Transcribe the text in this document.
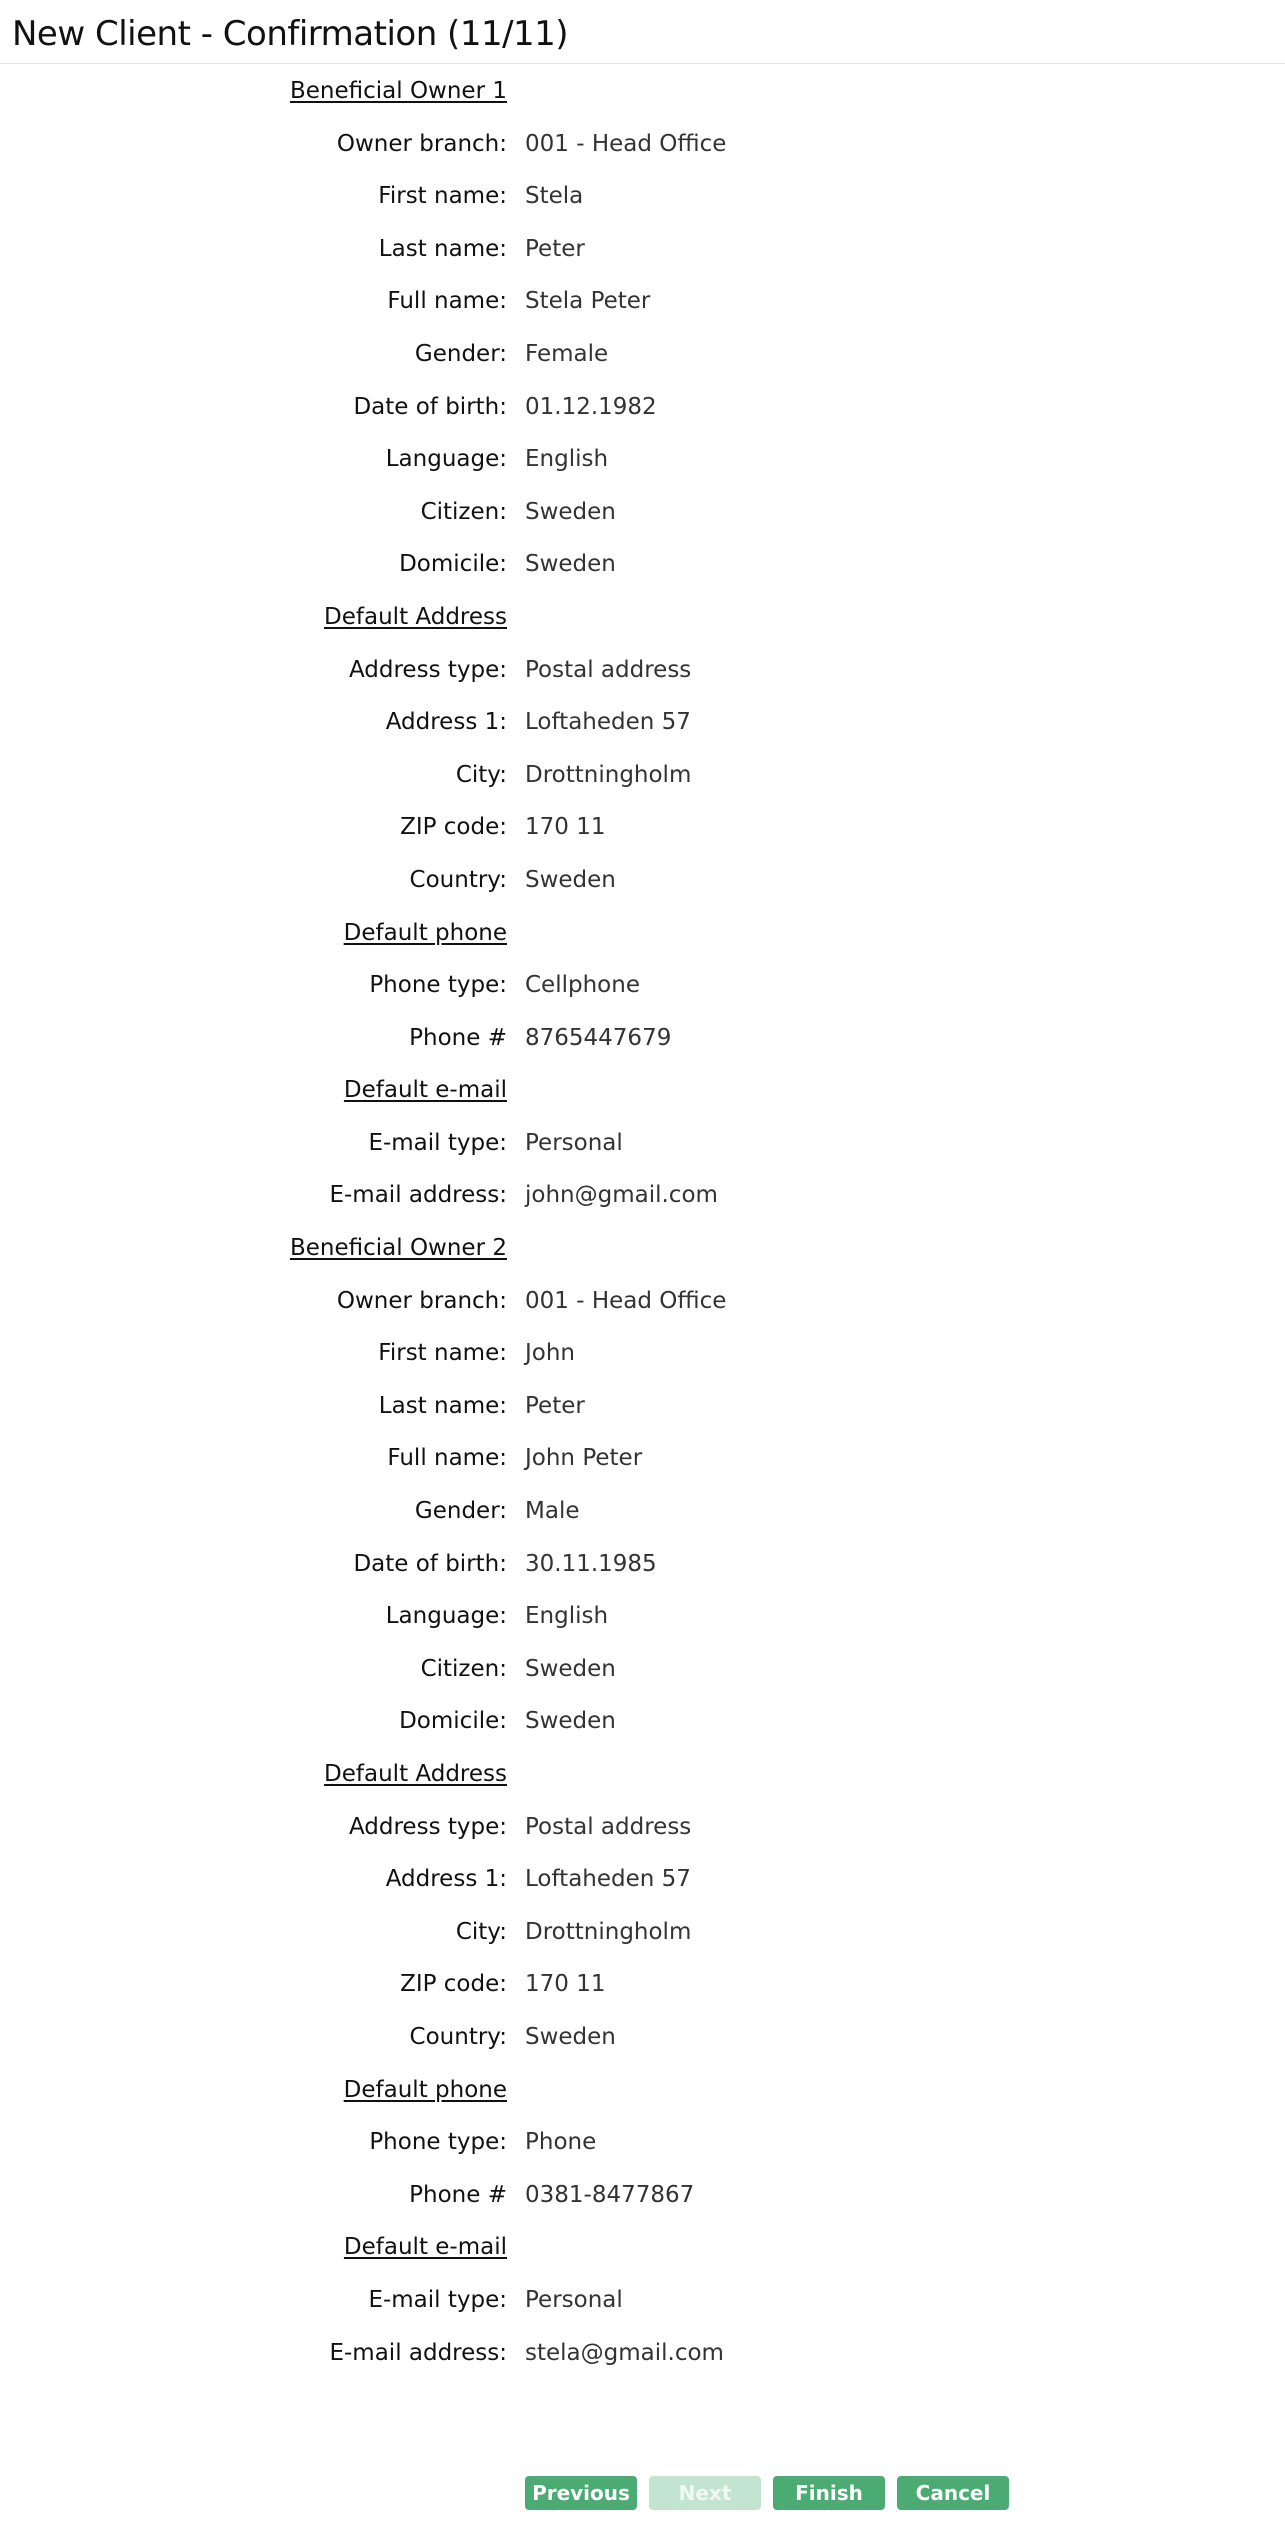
New Client - Confirmation (11/11)
Beneficial Owner 1
Owner branch: 001 - Head Office
First name: Stela
Last name: Peter
Full name: Stela Peter
Gender: Female
Date of birth: 01.12.1982
Language: English
Citizen: Sweden
Domicile: Sweden
Default Address
Address type: Postal address
Address 1: Loftaheden 57
City: Drottningholm
ZIP code: 170 11
Country: Sweden
Default phone
Phone type: Cellphone
Phone # 8765447679
Default e-mail
E-mail type: Personal
E-mail address: john@gmail.com
Beneficial Owner 2
Owner branch: 001 - Head Office
First name: John
Last name: Peter
Full name: John Peter
Gender: Male
Date of birth: 30.11.1985
Language: English
Citizen: Sweden
Domicile: Sweden
Default Address
Address type: Postal address
Address 1: Loftaheden 57
City: Drottningholm
ZIP code: 170 11
Country: Sweden
Default phone
Phone type: Phone
Phone # 0381-8477867
Default e-mail
E-mail type: Personal
E-mail address: stela@gmail.com
Previous	Next	Finish	Cancel
